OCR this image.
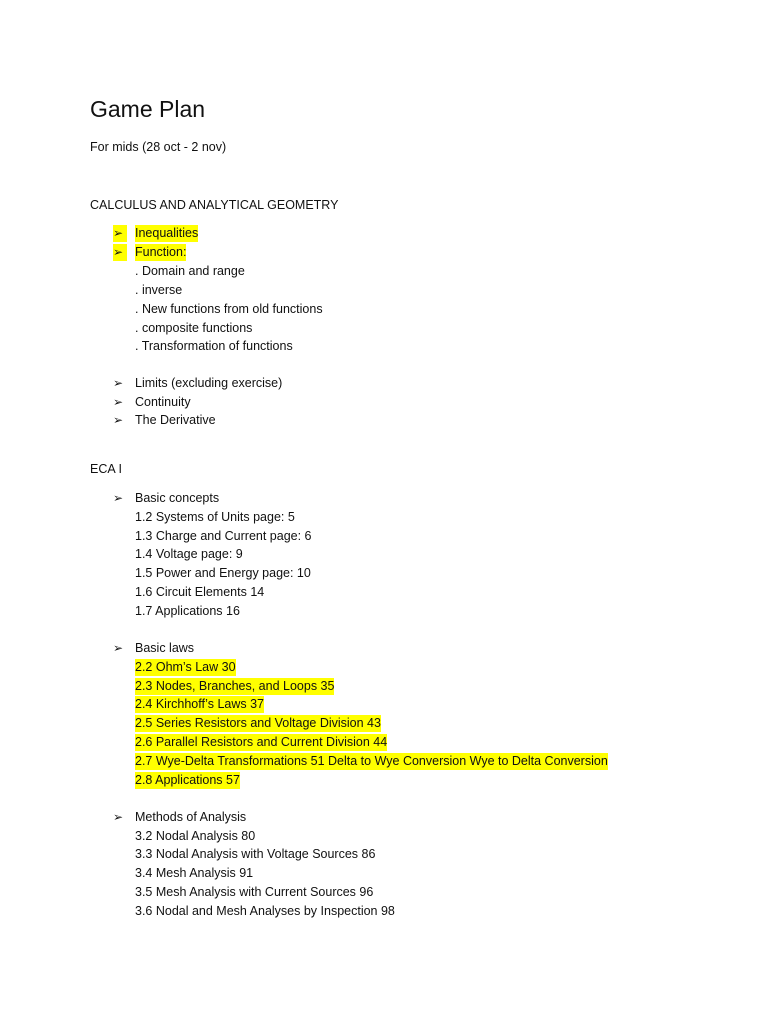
Game Plan
For mids (28 oct - 2 nov)
CALCULUS AND ANALYTICAL GEOMETRY
➢ Inequalities
➢ Function:
. Domain and range
. inverse
. New functions from old functions
. composite functions
. Transformation of functions
➢ Limits (excluding exercise)
➢ Continuity
➢ The Derivative
ECA I
➢ Basic concepts
1.2 Systems of Units page: 5
1.3 Charge and Current page: 6
1.4 Voltage page: 9
1.5 Power and Energy page: 10
1.6 Circuit Elements 14
1.7 Applications 16
➢ Basic laws
2.2 Ohm’s Law 30
2.3 Nodes, Branches, and Loops 35
2.4 Kirchhoff’s Laws 37
2.5 Series Resistors and Voltage Division 43
2.6 Parallel Resistors and Current Division 44
2.7 Wye-Delta Transformations 51 Delta to Wye Conversion Wye to Delta Conversion
2.8 Applications 57
➢ Methods of Analysis
3.2 Nodal Analysis 80
3.3 Nodal Analysis with Voltage Sources 86
3.4 Mesh Analysis 91
3.5 Mesh Analysis with Current Sources 96
3.6 Nodal and Mesh Analyses by Inspection 98
